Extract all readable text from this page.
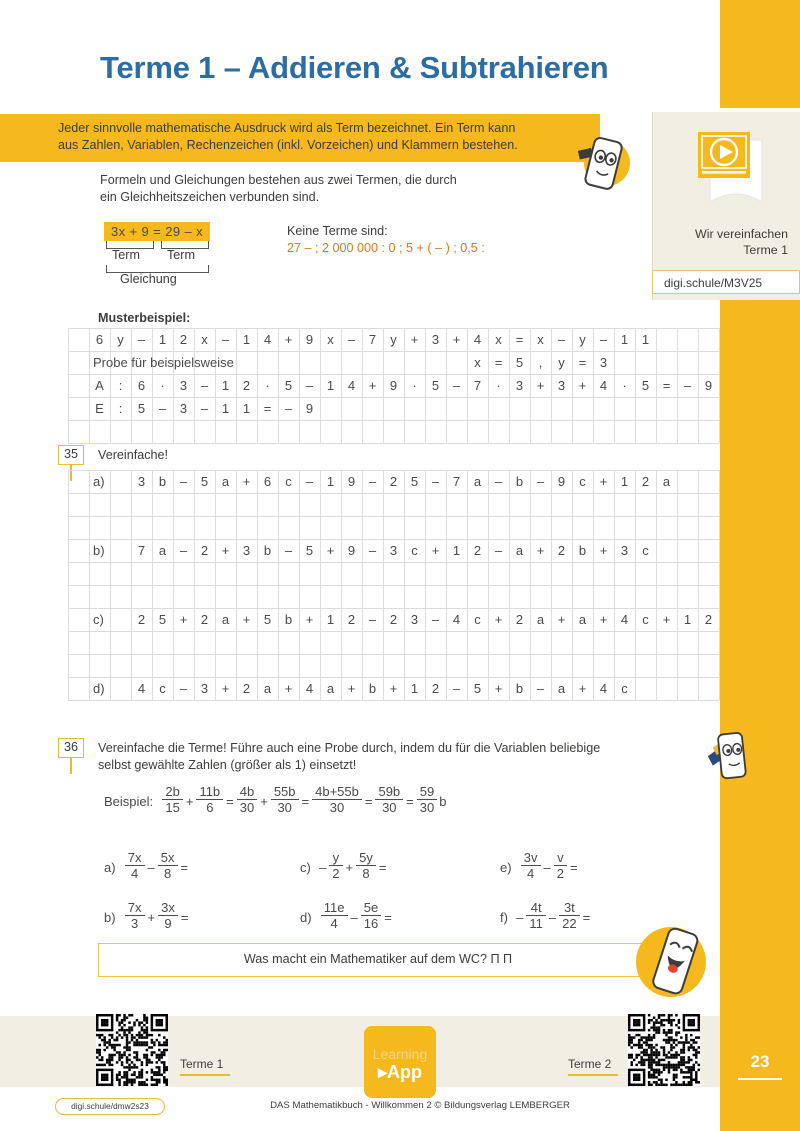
23
Terme 1 – Addieren & Subtrahieren
Jeder sinnvolle mathematische Ausdruck wird als Term bezeichnet. Ein Term kann
aus Zahlen, Variablen, Rechenzeichen (inkl. Vorzeichen) und Klammern bestehen.
Formeln und Gleichungen bestehen aus zwei Termen, die durch
ein Gleichheitszeichen verbunden sind.
3x + 9 = 29 – x
Term Term
Gleichung
Keine Terme sind:
27 – ; 2 000 000 : 0 ; 5 + ( – ) ; 0,5 :
Wir vereinfachen
Terme 1
digi.schule/M3V25
Musterbeispiel:
6	y	–	1	2	x	–	1	4	+	9	x	–	7	y	+	3	+	4	x	=	x	–	y	–	1	1
Probe für beispielsweise	x	=	5	,	y	=	3
A	:	6	·	3	–	1	2	·	5	–	1	4	+	9	·	5	–	7	·	3	+	3	+	4	·	5	=	–	9
E	:	5	–	3	–	1	1	=	–	9
35	Vereinfache!
a)	3	b	–	5	a	+	6	c	–	1	9	–	2	5	–	7	a	–	b	–	9	c	+	1	2	a
b)	7	a	–	2	+	3	b	–	5	+	9	–	3	c	+	1	2	–	a	+	2	b	+	3	c
c)	2	5	+	2	a	+	5	b	+	1	2	–	2	3	–	4	c	+	2	a	+	a	+	4	c	+	1	2
d)	4	c	–	3	+	2	a	+	4	a	+	b	+	1	2	–	5	+	b	–	a	+	4	c
36	Vereinfache die Terme! Führe auch eine Probe durch, indem du für die Variablen beliebige
selbst gewählte Zahlen (größer als 1) einsetzt!
Beispiel: $\frac{2b}{15} + \frac{11b}{6} = \frac{4b}{30} + \frac{55b}{30} = \frac{4b+55b}{30} = \frac{59b}{30} = \frac{59}{30}$ b
$a) \frac{7x}{4} - \frac{5x}{8}$ =
$b) \frac{7x}{3} + \frac{3x}{9}$ =
$c) - \frac{y}{2} + \frac{5y}{8}$ =
$d) \frac{11e}{4} - \frac{5e}{16}$ =
$e) \frac{3v}{4} - \frac{v}{2}$ =
$f) - \frac{4t}{11} - \frac{3t}{22}$ =
Was macht ein Mathematiker auf dem WC? Π Π
Terme 1	Terme 2
Learning
▸App
digi.schule/dmw2s23	DAS Mathematikbuch - Willkommen 2 © Bildungsverlag LEMBERGER
